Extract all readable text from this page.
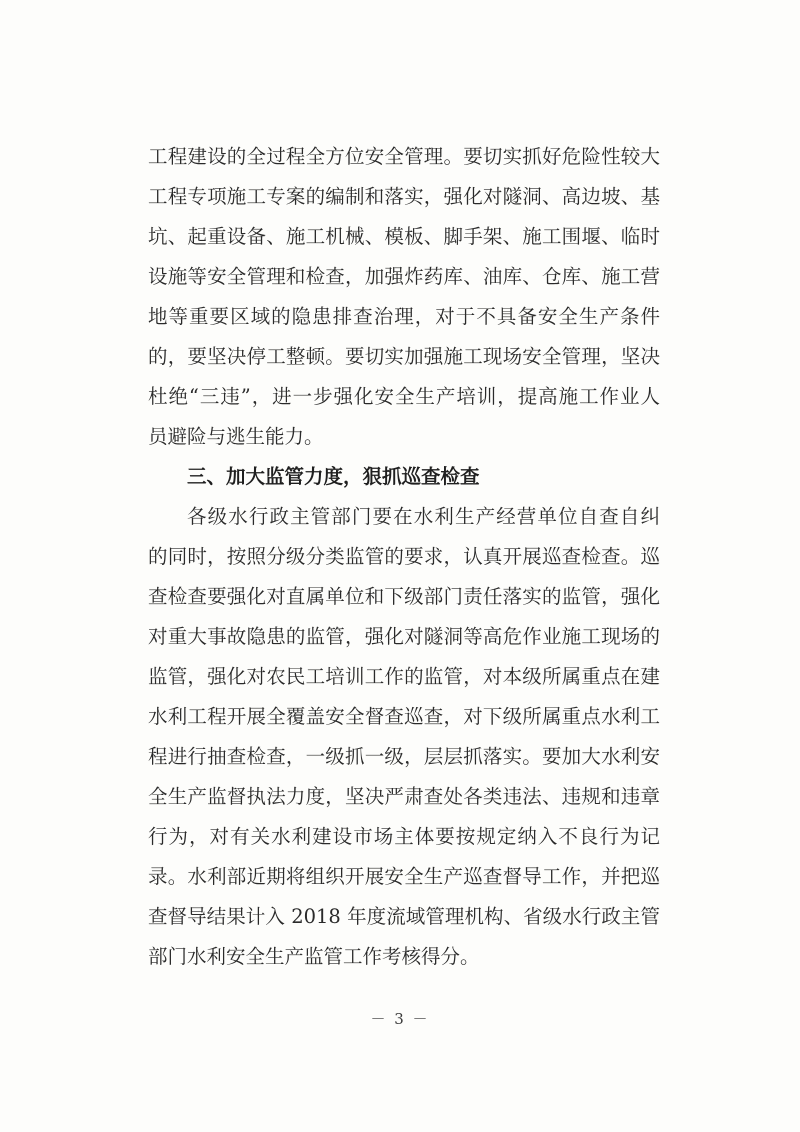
工程建设的全过程全方位安全管理。要切实抓好危险性较大
工程专项施工专案的编制和落实，强化对隧洞、高边坡、基
坑、起重设备、施工机械、模板、脚手架、施工围堰、临时
设施等安全管理和检查，加强炸药库、油库、仓库、施工营
地等重要区域的隐患排查治理，对于不具备安全生产条件
的，要坚决停工整顿。要切实加强施工现场安全管理，坚决
杜绝“三违”，进一步强化安全生产培训，提高施工作业人
员避险与逃生能力。
三、加大监管力度，狠抓巡查检查
各级水行政主管部门要在水利生产经营单位自查自纠
的同时，按照分级分类监管的要求，认真开展巡查检查。巡
查检查要强化对直属单位和下级部门责任落实的监管，强化
对重大事故隐患的监管，强化对隧洞等高危作业施工现场的
监管，强化对农民工培训工作的监管，对本级所属重点在建
水利工程开展全覆盖安全督查巡查，对下级所属重点水利工
程进行抽查检查，一级抓一级，层层抓落实。要加大水利安
全生产监督执法力度，坚决严肃查处各类违法、违规和违章
行为，对有关水利建设市场主体要按规定纳入不良行为记
录。水利部近期将组织开展安全生产巡查督导工作，并把巡
查督导结果计入 2018 年度流域管理机构、省级水行政主管
部门水利安全生产监管工作考核得分。
－ 3 －
